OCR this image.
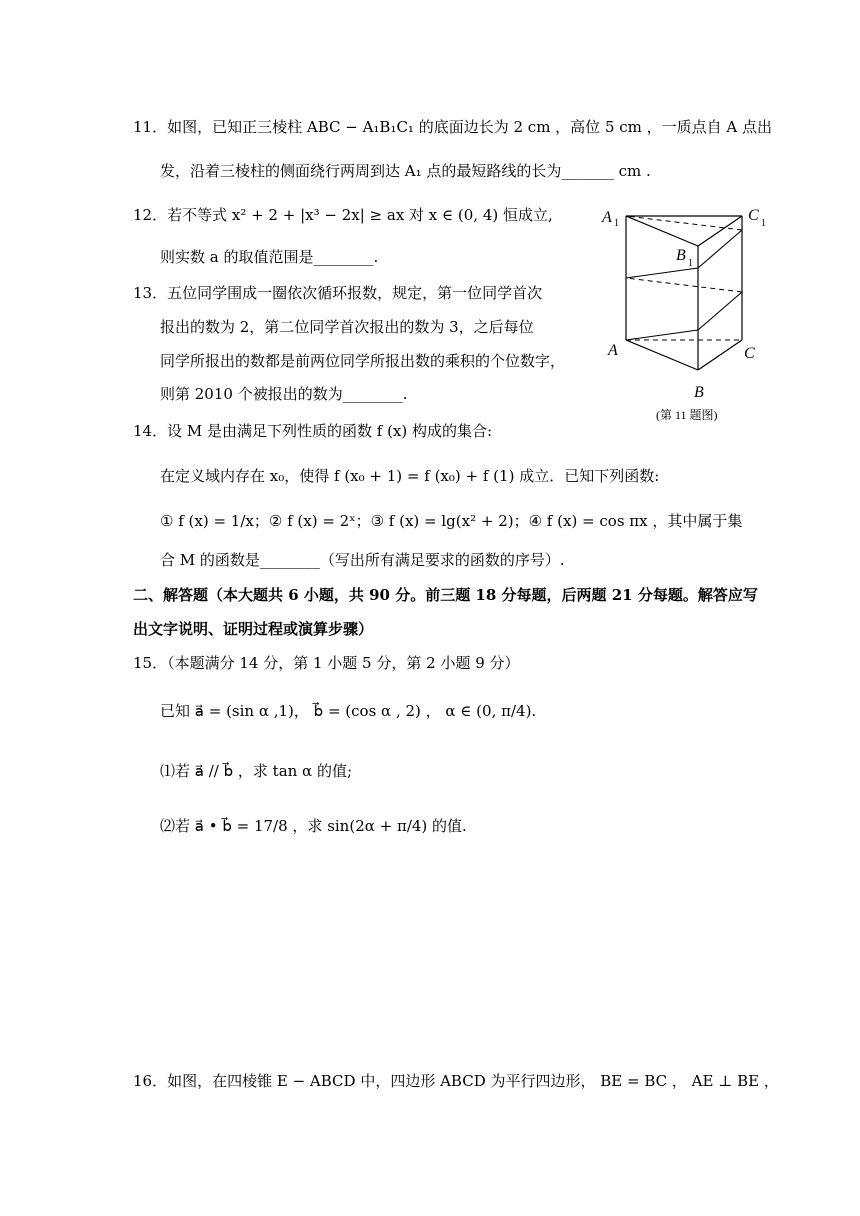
11．如图，已知正三棱柱 ABC − A₁B₁C₁ 的底面边长为 2 cm ，高位 5 cm ，一质点自 A 点出
发，沿着三棱柱的侧面绕行两周到达 A₁ 点的最短路线的长为_______ cm .
12．若不等式 x² + 2 + |x³ − 2x| ≥ ax 对 x ∈ (0, 4) 恒成立,
则实数 a 的取值范围是________.
13．五位同学围成一圈依次循环报数，规定，第一位同学首次
报出的数为 2，第二位同学首次报出的数为 3，之后每位
同学所报出的数都是前两位同学所报出数的乘积的个位数字，
则第 2010 个被报出的数为________.
A 1	C 1
B 1
A	C
B
(第 11 题图)
14．设 M 是由满足下列性质的函数 f (x) 构成的集合:
在定义域内存在 x₀，使得 f (x₀ + 1) = f (x₀) + f (1) 成立．已知下列函数:
① f (x) = 1/x；② f (x) = 2ˣ；③ f (x) = lg(x² + 2)；④ f (x) = cos πx ，其中属于集
合 M 的函数是________（写出所有满足要求的函数的序号）.
二、解答题（本大题共 6 小题，共 90 分。前三题 18 分每题，后两题 21 分每题。解答应写
出文字说明、证明过程或演算步骤）
15．（本题满分 14 分，第 1 小题 5 分，第 2 小题 9 分）
已知 a⃗ = (sin α ,1)， b⃗ = (cos α , 2) ， α ∈ (0, π/4).
⑴若 a⃗ // b⃗ ，求 tan α 的值;
⑵若 a⃗ • b⃗ = 17/8 ，求 sin(2α + π/4) 的值.
16．如图，在四棱锥 E − ABCD 中，四边形 ABCD 为平行四边形， BE = BC ， AE ⊥ BE ，
